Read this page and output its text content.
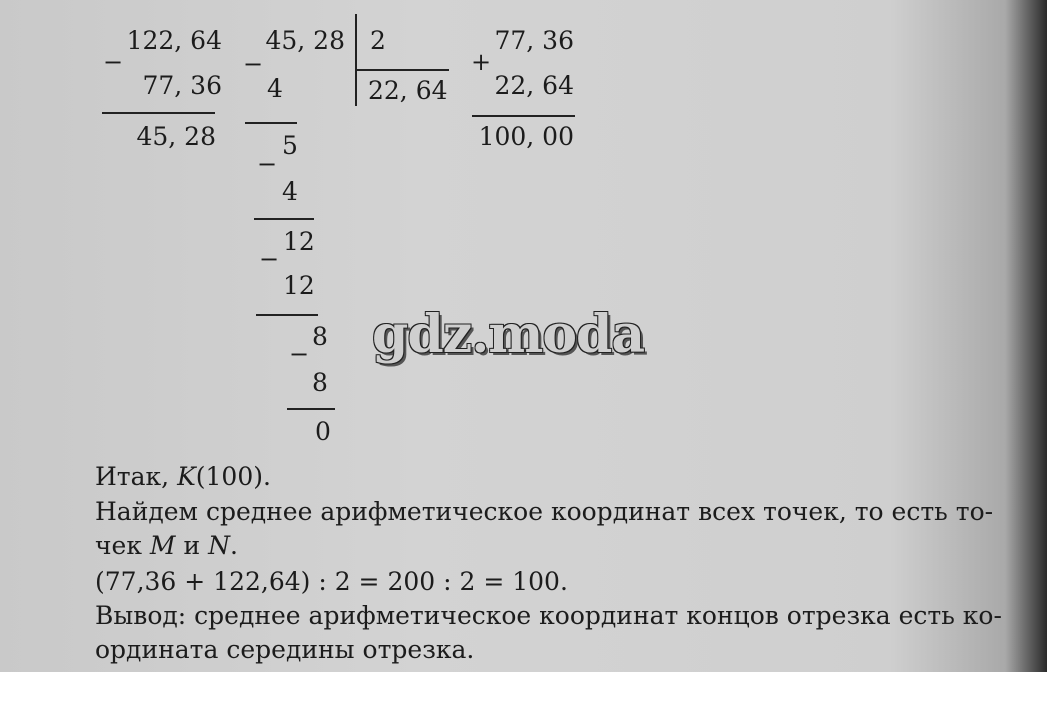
−
122, 64
77, 36
45, 28
45, 28 2
22, 64
−
4
5
−
4
12
−
12
8
−
8
0
+
77, 36
22, 64
100, 00
gdz.moda
Итак, K(100).
Найдем среднее арифметическое координат всех точек, то есть то-
чек M и N.
(77,36 + 122,64) : 2 = 200 : 2 = 100.
Вывод: среднее арифметическое координат концов отрезка есть ко-
ордината середины отрезка.
